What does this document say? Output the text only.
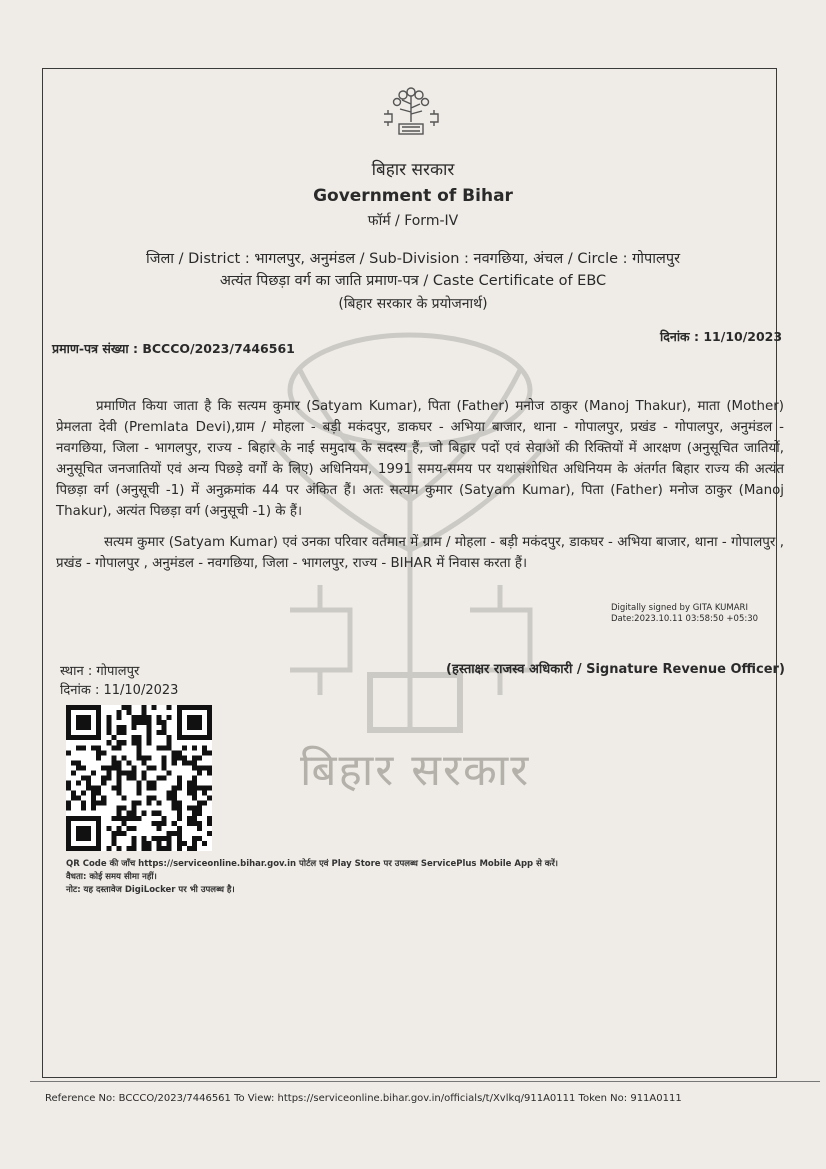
बिहार सरकार
बिहार सरकार
Government of Bihar
फॉर्म / Form-IV
जिला / District : भागलपुर, अनुमंडल / Sub-Division : नवगछिया, अंचल / Circle : गोपालपुर
अत्यंत पिछड़ा वर्ग का जाति प्रमाण-पत्र / Caste Certificate of EBC
(बिहार सरकार के प्रयोजनार्थ)
प्रमाण-पत्र संख्या : BCCCO/2023/7446561
दिनांक : 11/10/2023
प्रमाणित किया जाता है कि सत्यम कुमार (Satyam Kumar), पिता (Father) मनोज ठाकुर (Manoj Thakur), माता (Mother) प्रेमलता देवी (Premlata Devi),ग्राम / मोहला - बड़ी मकंदपुर, डाकघर - अभिया बाजार, थाना - गोपालपुर, प्रखंड - गोपालपुर, अनुमंडल - नवगछिया, जिला - भागलपुर, राज्य - बिहार के नाई समुदाय के सदस्य हैं, जो बिहार पदों एवं सेवाओं की रिक्तियों में आरक्षण (अनुसूचित जातियों, अनुसूचित जनजातियों एवं अन्य पिछड़े वर्गों के लिए) अधिनियम, 1991 समय-समय पर यथासंशोधित अधिनियम के अंतर्गत बिहार राज्य की अत्यंत पिछड़ा वर्ग (अनुसूची -1) में अनुक्रमांक 44 पर अंकित हैं। अतः सत्यम कुमार (Satyam Kumar), पिता (Father) मनोज ठाकुर (Manoj Thakur), अत्यंत पिछड़ा वर्ग (अनुसूची -1) के हैं।
सत्यम कुमार (Satyam Kumar) एवं उनका परिवार वर्तमान में ग्राम / मोहला - बड़ी मकंदपुर, डाकघर - अभिया बाजार, थाना - गोपालपुर , प्रखंड - गोपालपुर , अनुमंडल - नवगछिया, जिला - भागलपुर, राज्य - BIHAR में निवास करता हैं।
Digitally signed by GITA KUMARI
Date:2023.10.11 03:58:50 +05:30
स्थान : गोपालपुर
दिनांक : 11/10/2023
(हस्ताक्षर राजस्व अधिकारी / Signature Revenue Officer)
QR Code की जाँच https://serviceonline.bihar.gov.in पोर्टल एवं Play Store पर उपलब्ध ServicePlus Mobile App से करें।
वैधता: कोई समय सीमा नहीं।
नोट: यह दस्तावेज DigiLocker पर भी उपलब्ध है।
Reference No: BCCCO/2023/7446561 To View: https://serviceonline.bihar.gov.in/officials/t/Xvlkq/911A0111 Token No: 911A0111
